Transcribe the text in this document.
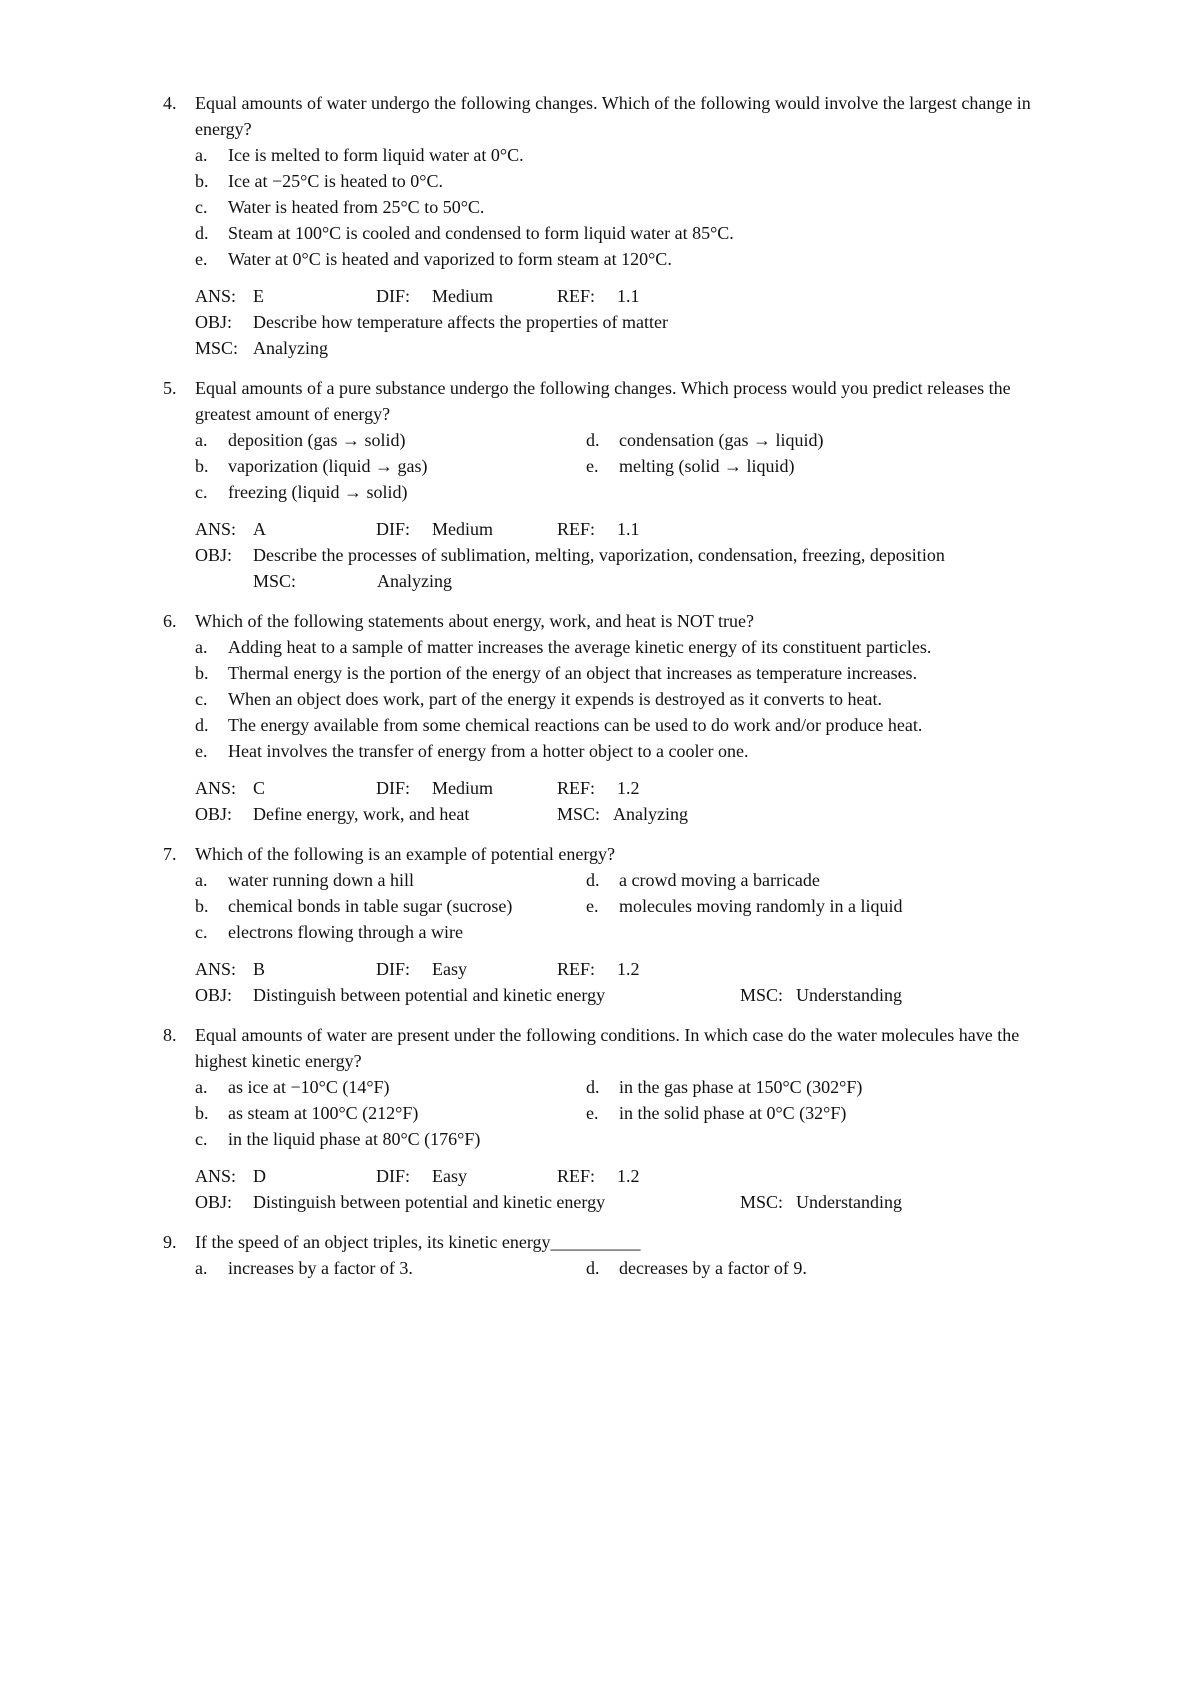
4.	Equal amounts of water undergo the following changes. Which of the following would involve the largest change in energy?
a.	Ice is melted to form liquid water at 0°C.
b.	Ice at −25°C is heated to 0°C.
c.	Water is heated from 25°C to 50°C.
d.	Steam at 100°C is cooled and condensed to form liquid water at 85°C.
e.	Water at 0°C is heated and vaporized to form steam at 120°C.
ANS: E	DIF:	Medium	REF:	1.1
OBJ:	Describe how temperature affects the properties of matter
MSC: Analyzing
5.	Equal amounts of a pure substance undergo the following changes. Which process would you predict releases the greatest amount of energy?
a.	deposition (gas → solid)
b.	vaporization (liquid → gas)
c.	freezing (liquid → solid)
d.	condensation (gas → liquid)
e.	melting (solid → liquid)
ANS: A	DIF:	Medium	REF:	1.1
OBJ:	Describe the processes of sublimation, melting, vaporization, condensation, freezing, deposition
MSC:	Analyzing
6.	Which of the following statements about energy, work, and heat is NOT true?
a.	Adding heat to a sample of matter increases the average kinetic energy of its constituent particles.
b.	Thermal energy is the portion of the energy of an object that increases as temperature increases.
c.	When an object does work, part of the energy it expends is destroyed as it converts to heat.
d.	The energy available from some chemical reactions can be used to do work and/or produce heat.
e.	Heat involves the transfer of energy from a hotter object to a cooler one.
ANS: C	DIF:	Medium	REF:	1.2
OBJ:	Define energy, work, and heat	MSC: Analyzing
7.	Which of the following is an example of potential energy?
a.	water running down a hill
b.	chemical bonds in table sugar (sucrose)
c.	electrons flowing through a wire
d.	a crowd moving a barricade
e.	molecules moving randomly in a liquid
ANS: B	DIF:	Easy	REF:	1.2
OBJ:	Distinguish between potential and kinetic energy	MSC: Understanding
8.	Equal amounts of water are present under the following conditions. In which case do the water molecules have the highest kinetic energy?
a.	as ice at −10°C (14°F)
b.	as steam at 100°C (212°F)
c.	in the liquid phase at 80°C (176°F)
d.	in the gas phase at 150°C (302°F)
e.	in the solid phase at 0°C (32°F)
ANS: D	DIF:	Easy	REF:	1.2
OBJ:	Distinguish between potential and kinetic energy	MSC: Understanding
9.	If the speed of an object triples, its kinetic energy__________
a.	increases by a factor of 3.	d.	decreases by a factor of 9.
